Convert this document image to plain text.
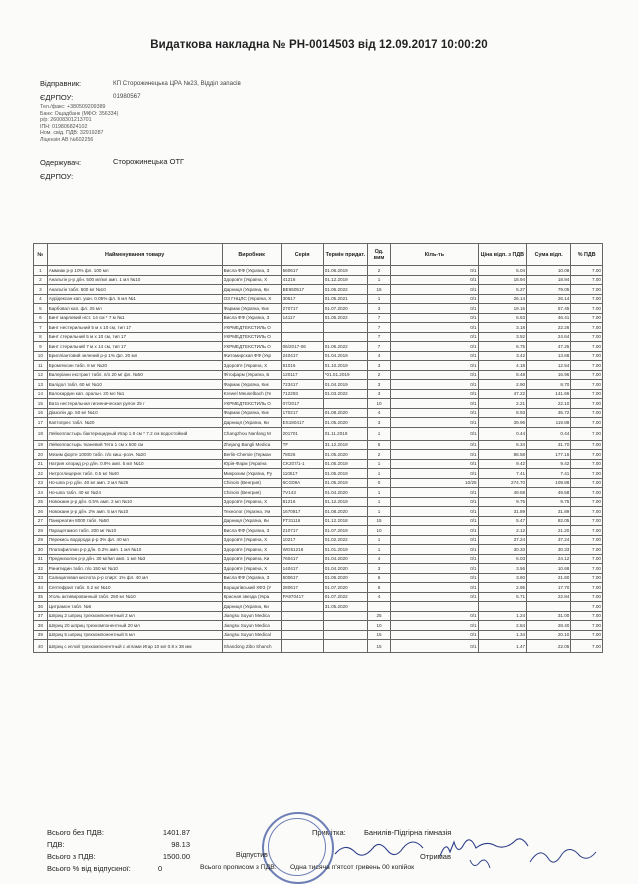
Видаткова накладна № РН-0014503 від 12.09.2017 10:00:20
Відправник:	КП Сторожинецька ЦРА №23, Відділ запасів
ЄДРПОУ:	01980567
Тел./факс: +380509209389
Банк: Ощадбанк (МФО: 356334)
р/р: 26008301213701
ІПН: 019806824102
Ном. свід. ПДВ: 32919287
Ліцензія АВ №602256
Одержувач:	Сторожинецька ОТГ
ЄДРПОУ:
№	Найменування товару	Виробник	Серія	Термін придат.	Од. вим	Кіль-ть	Ціна відп. з ПДВ	Сума відп.	% ПДВ
1	Аммиак р-р 10% фл. 100 мл	Висла ФФ (Україна, З	560617	01.06.2019	2	0/1	5.04	10.08	7.00
2	Анальгін р-р д/ін. 500 мг/мл амп. 1 мл №10	Здоров'я (Україна, Х	41216	01.12.2019	1	0/1	18.94	18.94	7.00
3	Анальгін табл. 500 мг №10	Дарниця (Україна, Ки	BE650517	01.06.2022	15	0/1	5.27	79.05	7.00
4	Аурідексан кап. ушн. 0.05% фл. 5 мл №1	ОЗ ГНЦЛС (Україна, Х	30517	01.05.2021	1	0/1	26.14	26.14	7.00
5	Барбовал кап. фл. 25 мл	Фармак (Україна, Киє	270717	01.07.2020	3	0/1	19.15	57.45	7.00
6	Бинт марлевий н/ст. 14 см * 7 м №1	Висла ФФ (Україна, З	14117	01.05.2022	7	0/1	6.63	46.41	7.00
7	Бинт нестерильний 5 м х 10 см, тип 17	УКРМЕДТЕКСТИЛЬ О			7	0/1	3.18	22.26	7.00
8	Бинт стерильний 5 м х 10 см, тип 17	УКРМЕДТЕКСТИЛЬ О			7	0/1	3.52	24.64	7.00
9	Бинт стерильний 7 м х 14 см, тип 17	УКРМЕДТЕКСТИЛЬ О	06/2017-06	01.06.2022	7	0/1	6.75	47.25	7.00
10	Брилліантовий зелений р-р 1% фл. 20 мл	Житомирская ФФ (Укр	240417	01.04.2019	4	0/1	3.42	13.68	7.00
11	Бромгексин табл. 8 мг №20	Здоров'я (Україна, Х	81016	01.10.2019	3	0/1	4.18	12.54	7.00
12	Валеріани екстракт табл. п/о 20 мг фл. №50	Фітофарм (Україна, Б	120117	*01.01.2019	2	0/1	8.48	16.96	7.00
13	Валідол табл. 60 мг №10	Фармак (Україна, Киє	723417	01.04.2019	3	0/1	2.90	8.70	7.00
14	Валокардин кап. оральн. 20 мл №1	Krewel Meuselbach (Ге	712293	01.03.2022	3	0/1	47.22	141.66	7.00
15	Вата нестерильная гигиеническая рулон 25 г	УКРМЕДТЕКСТИЛЬ О	07/2017		10	0/1	2.21	22.10	7.00
16	Діазолін др. 50 мг №10	Фармак (Україна, Киє	170217	01.08.2020	4	0/1	8.93	35.72	7.00
17	Каптопрес табл. №20	Дарниця (Україна, Ки	ES180417	01.05.2020	3	0/1	39.96	119.88	7.00
18	Лейкопластырь бактерицидный Игар 1.9 см * 7.2 см водостойкий	Changzhou Nanfang M	201701	01.11.2019	1	0/1	0.44	0.44	7.00
19	Лейкопластырь тканевий Тета 1 см х 500 см	Zhejang Bangli Medica	TF	31.12.2019	5	0/1	6.34	31.70	7.00
20	Мезим форте 10000 табл. п/о киш.-розч. №20	Berlin-Chemie (Герман	78026	01.05.2020	2	0/1	88.58	177.16	7.00
21	Натрия хлорид р-р д/ін. 0.9% амп. 5 мл №10	Юрія-Фарм (Україна	CK207/1-1	01.05.2019	1	0/1	9.42	9.42	7.00
22	Нитроглицерин табл. 0.5 мг №40	Микрохим (Україна, Ру	110517	01.05.2019	1	0/1	7.41	7.41	7.00
23	Но-шпа р-р д/ін. 40 мг амп. 2 мл №25	Chinoin (Венгрия)	6CG08A	01.05.2019	0	10/25	274.70	109.88	7.00
24	Но-шпа табл. 40 мг №24	Chinoin (Венгрия)	7V143	01.04.2020	1	0/1	49.58	49.58	7.00
25	Новокаин р-р д/ін. 0.5% амп. 2 мл №10	Здоров'я (Україна, Х	81216	01.12.2019	1	0/1	9.75	9.75	7.00
26	Новокаин р-р д/ін. 2% амп. 5 мл №10	Технолог (Україна, Ум	1670817	01.08.2020	1	0/1	31.89	31.89	7.00
27	Панкреатин 8000 табл. №50	Дарниця (Україна, Ки	FT31116	01.12.2018	15	0/1	5.47	82.05	7.00
28	Парацетамол табл. 200 мг №10	Висла ФФ (Україна, З	210717	01.07.2019	10	0/1	2.12	21.20	7.00
29	Перекись водорода р-р 3% фл. 40 мл	Здоров'я (Україна, Х	10217	01.02.2022	1	0/1	37.24	37.24	7.00
30	Платифиллин р-р д/ін. 0.2% амп. 1 мл №10	Здоров'я (Україна, Х	WG51216	01.01.2019	1	0/1	30.33	30.33	7.00
31	Преднизолон р-р д/ін. 30 мг/мл амп. 1 мл №3	Здоров'я (Україна, Ки	760417	01.04.2020	4	0/1	6.03	24.12	7.00
32	Ранитидин табл. п/о 150 мг №10	Здоров'я (Україна, Х	140417	01.04.2020	3	0/1	3.56	10.68	7.00
33	Салициловая кислота р-р спирт. 1% фл. 40 мл	Висла ФФ (Україна, З	500617	01.06.2020	6	0/1	3.60	21.60	7.00
34	Септефрил табл. 0.2 мг №10	Борщагівський ХФЗ (У	280617	01.07.2020	6	0/1	2.95	17.70	7.00
35	Уголь активированный табл. 250 мг №10	Красная звезда (Укра	PA970417	01.07.2022	4	0/1	5.71	22.84	7.00
36	Цитрамон табл. №6	Дарниця (Україна, Ки		31.05.2020					7.00
37	Шприц 2 шприц трехкомпонентный 2 мл	Jiangsu Suyun Medica			25	0/1	1.24	31.00	7.00
38	Шприц 20 шприц трехкомпонентный 20 мл	Jiangsu Suyun Medica			10	0/1	2.84	28.40	7.00
39	Шприц 5 шприц трехкомпонентный 5 мл	Jiangsu Suyun Medical			15	0/1	1.34	20.10	7.00
40	Шприц с иглой трехкомпонентный с иглами Игар 10 мл 0.8 х 38 мм	Shandong Zibo Shanch			15	0/1	1.47	22.05	7.00
Всього без ПДВ:	1401.87
ПДВ:	98.13
Всього з ПДВ:	1500.00
Всього % від відпускної:	0
Примітка: Банилів-Підгірна гімназія
Всього прописом з ПДВ: Одна тисяча п'ятсот гривень 00 копійок
Отримав
Відпустив
